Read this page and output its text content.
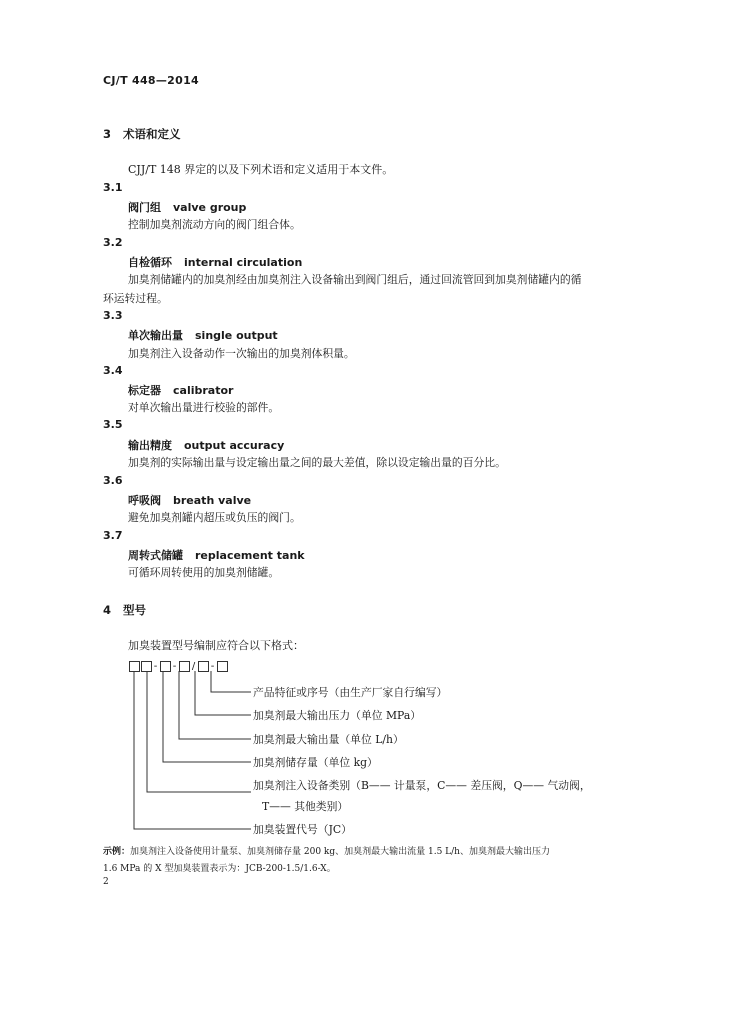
CJ/T 448—2014
3 术语和定义
CJJ/T 148 界定的以及下列术语和定义适用于本文件。
3.1
阀门组 valve group
控制加臭剂流动方向的阀门组合体。
3.2
自检循环 internal circulation
加臭剂储罐内的加臭剂经由加臭剂注入设备输出到阀门组后，通过回流管回到加臭剂储罐内的循
环运转过程。
3.3
单次输出量 single output
加臭剂注入设备动作一次输出的加臭剂体积量。
3.4
标定器 calibrator
对单次输出量进行校验的部件。
3.5
输出精度 output accuracy
加臭剂的实际输出量与设定输出量之间的最大差值，除以设定输出量的百分比。
3.6
呼吸阀 breath valve
避免加臭剂罐内超压或负压的阀门。
3.7
周转式储罐 replacement tank
可循环周转使用的加臭剂储罐。
4 型号
加臭装置型号编制应符合以下格式：
- - / -
产品特征或序号（由生产厂家自行编写）
加臭剂最大输出压力（单位 MPa）
加臭剂最大输出量（单位 L/h）
加臭剂储存量（单位 kg）
加臭剂注入设备类别（B—— 计量泵，C—— 差压阀，Q—— 气动阀，
T—— 其他类别）
加臭装置代号（JC）
示例：加臭剂注入设备使用计量泵、加臭剂储存量 200 kg、加臭剂最大输出流量 1.5 L/h、加臭剂最大输出压力
1.6 MPa 的 X 型加臭装置表示为：JCB-200-1.5/1.6-X。
2
